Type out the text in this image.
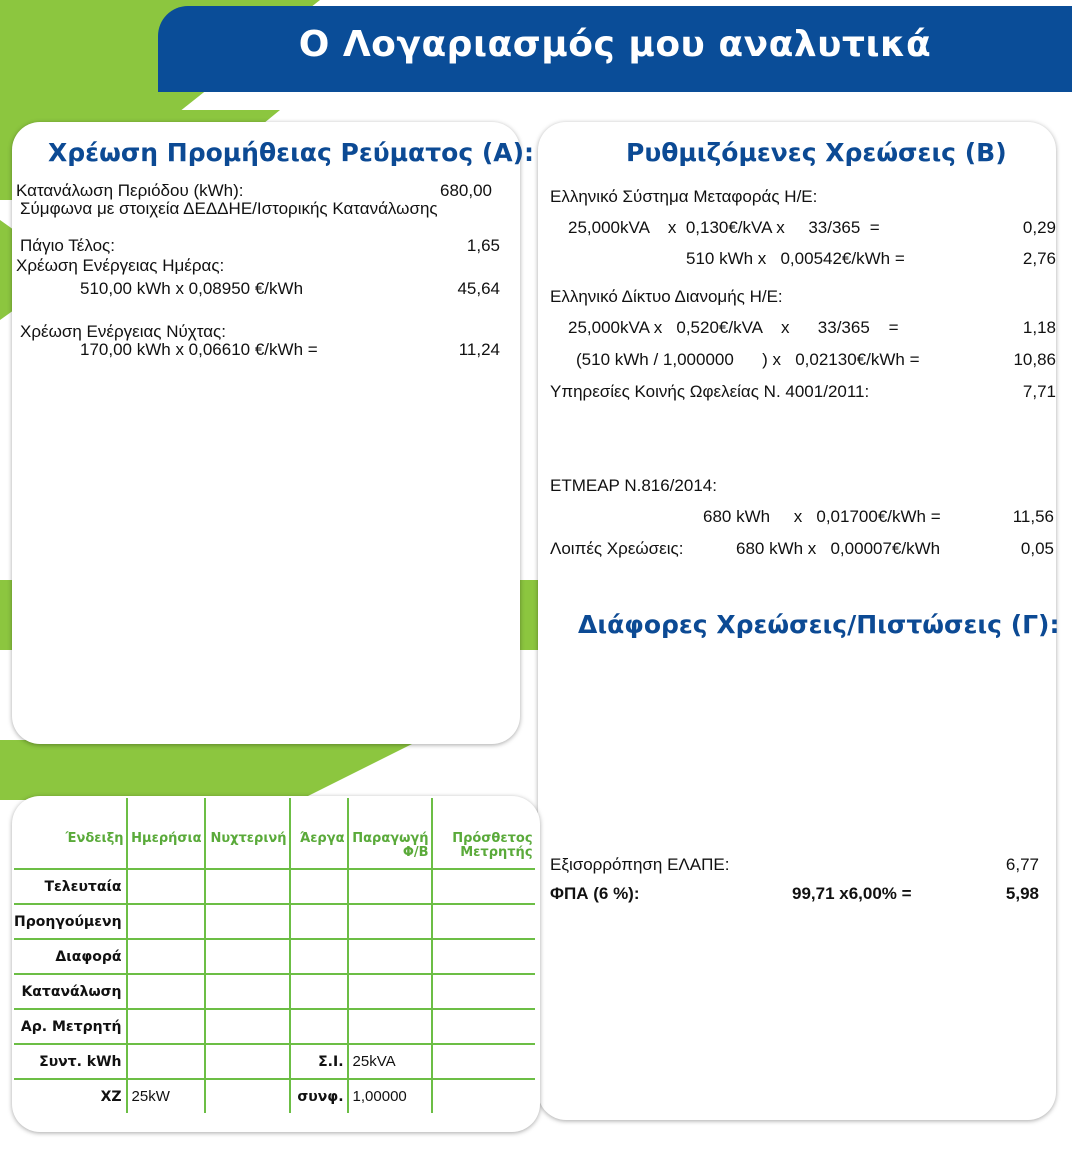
Ο Λογαριασμός μου αναλυτικά
Χρέωση Προμήθειας Ρεύματος (Α):
Κατανάλωση Περιόδου (kWh):	680,00
Σύμφωνα με στοιχεία ΔΕΔΔΗΕ/Ιστορικής Κατανάλωσης
Πάγιο Τέλος:	1,65
Χρέωση Ενέργειας Ημέρας:
510,00 kWh x 0,08950 €/kWh	45,64
Χρέωση Ενέργειας Νύχτας:
170,00 kWh x 0,06610 €/kWh =	11,24
Ρυθμιζόμενες Χρεώσεις (Β)
Ελληνικό Σύστημα Μεταφοράς Η/Ε:
25,000kVA    x  0,130€/kVA x     33/365  =	0,29
510 kWh x   0,00542€/kWh =	2,76
Ελληνικό Δίκτυο Διανομής Η/Ε:
25,000kVA x   0,520€/kVA    x      33/365    =	1,18
(510 kWh / 1,000000      ) x   0,02130€/kWh =	10,86
Υπηρεσίες Κοινής Ωφελείας Ν. 4001/2011:	7,71
ΕΤΜΕΑΡ Ν.816/2014:
680 kWh     x   0,01700€/kWh =	11,56
Λοιπές Χρεώσεις:	680 kWh x   0,00007€/kWh	0,05
Διάφορες Χρεώσεις/Πιστώσεις (Γ):
Εξισορρόπηση ΕΛΑΠΕ:	6,77
ΦΠΑ (6 %):	99,71 x6,00% =	5,98
Ένδειξη	Ημερήσια	Νυχτερινή	Άεργα	Παραγωγή Φ/Β	Πρόσθετος Μετρητής
Τελευταία					
Προηγούμενη					
Διαφορά					
Κατανάλωση					
Αρ. Μετρητή					
Συντ. kWh			Σ.Ι.	25kVA	
ΧΖ	25kW		συνφ.	1,00000	
